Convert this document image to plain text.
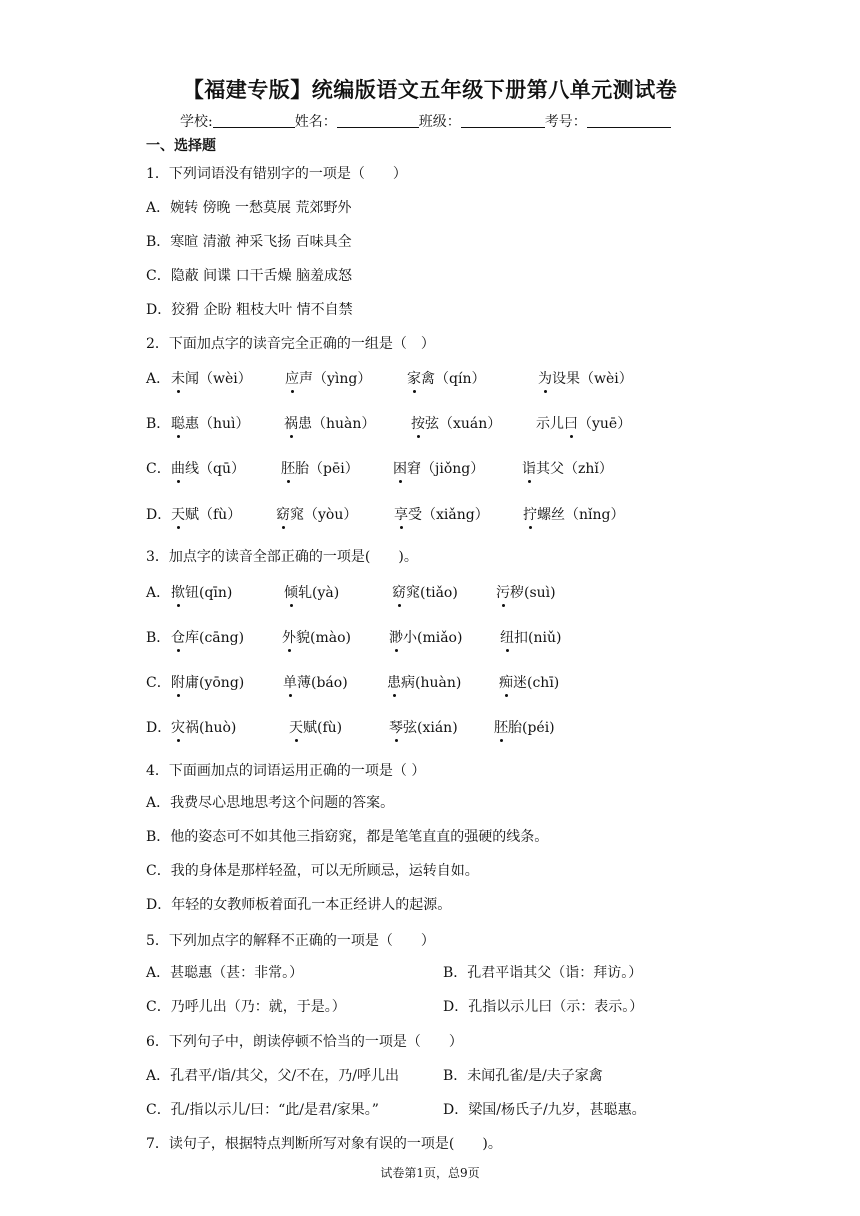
【福建专版】统编版语文五年级下册第八单元测试卷
学校:	姓名：	班级：	考号：
一、选择题
1．下列词语没有错别字的一项是（　　）
A．婉转 傍晚 一愁莫展 荒郊野外
B．寒暄 清澈 神采飞扬 百味具全
C．隐蔽 间谍 口干舌燥 脑羞成怒
D．狡猾 企盼 粗枝大叶 情不自禁
2．下面加点字的读音完全正确的一组是（　）
A． 未闻（wèi） 应声（yìng）	家禽（qín）	为设果（wèi）
B． 聪惠（huì） 祸患（huàn）	按弦（xuán） 示儿曰（yuē）
C． 曲线（qū）	胚胎（pēi） 困窘（jiǒng）	诣其父（zhǐ）
D． 天赋（fù） 窈窕（yòu）	享受（xiǎng） 拧螺丝（nǐng）
3．加点字的读音全部正确的一项是(　　)。
A． 揿钮(qīn)	倾轧(yà)	窈窕(tiǎo)	污秽(suì)
B． 仓库(cāng)	外貌(mào)	渺小(miǎo)	纽扣(niǔ)
C． 附庸(yōng)	单薄(báo)	患病(huàn)	痴迷(chī)
D． 灾祸(huò)	天赋(fù)	琴弦(xián)	胚胎(péi)
4．下面画加点的词语运用正确的一项是（ ）
A．我费尽心思地思考这个问题的答案。
B．他的姿态可不如其他三指窈窕，都是笔笔直直的强硬的线条。
C．我的身体是那样轻盈，可以无所顾忌，运转自如。
D．年轻的女教师板着面孔一本正经讲人的起源。
5．下列加点字的解释不正确的一项是（　　）
A．甚聪惠（甚：非常。）	B．孔君平诣其父（诣：拜访。）
C．乃呼儿出（乃：就，于是。）	D．孔指以示儿曰（示：表示。）
6．下列句子中，朗读停顿不恰当的一项是（　　）
A．孔君平/诣/其父，父/不在，乃/呼儿出	B．未闻孔雀/是/夫子家禽
C．孔/指以示儿/曰：“此/是君/家果。”	D．梁国/杨氏子/九岁，甚聪惠。
7．读句子，根据特点判断所写对象有误的一项是(　　)。
试卷第1页，总9页
